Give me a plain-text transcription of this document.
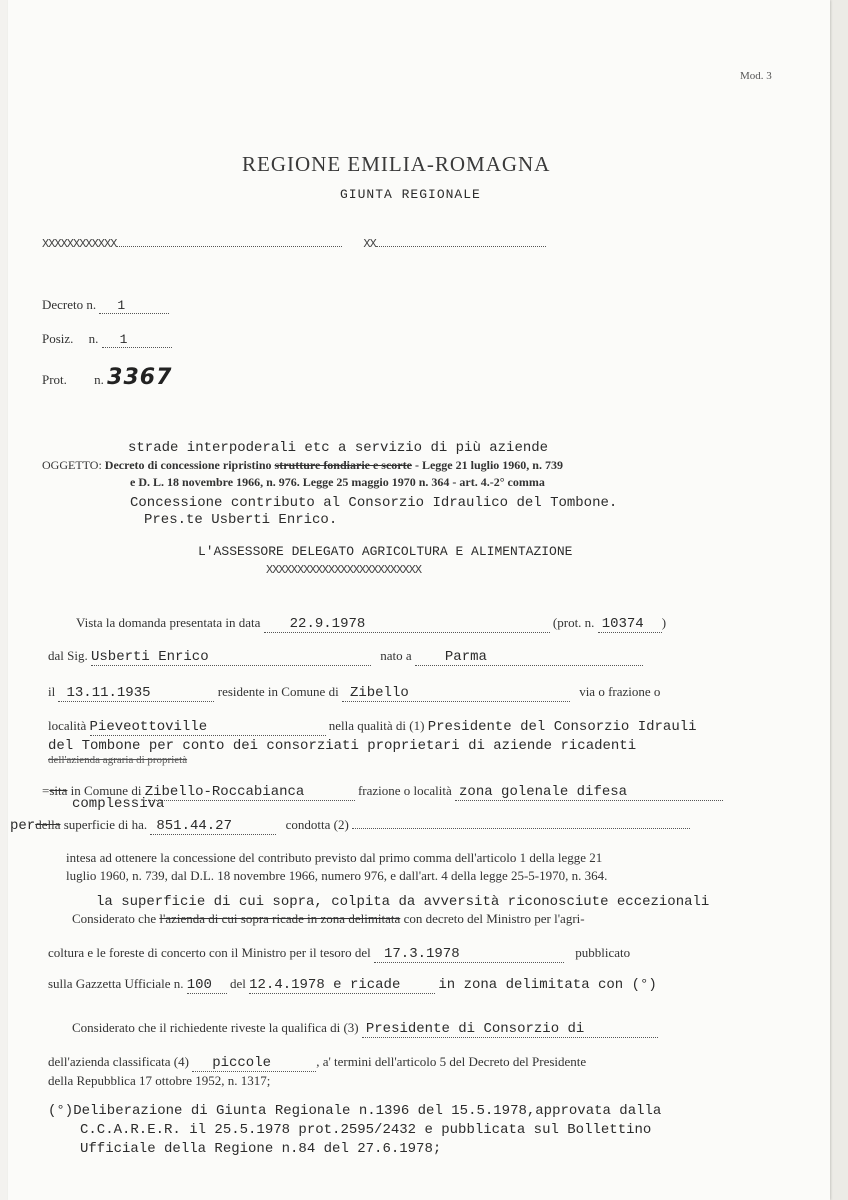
Mod. 3
REGIONE EMILIA-ROMAGNA
GIUNTA REGIONALE
XXXXXXXXXXXX	XX
Decreto n. 1
Posiz. n. 1
Prot. n. 3367
strade interpoderali etc a servizio di più aziende
OGGETTO: Decreto di concessione ripristino strutture fondiarie e scorte - Legge 21 luglio 1960, n. 739
e D. L. 18 novembre 1966, n. 976. Legge 25 maggio 1970 n. 364 - art. 4.-2° comma
Concessione contributo al Consorzio Idraulico del Tombone.
Pres.te Usberti Enrico.
L'ASSESSORE DELEGATO AGRICOLTURA E ALIMENTAZIONE
XXXXXXXXXXXXXXXXXXXXXXXXX
Vista la domanda presentata in data 22.9.1978	(prot. n. 10374 )
dal Sig. Usberti Enrico	nato a Parma
il 13.11.1935	residente in Comune di Zibello	via o frazione o
località Pieveottoville	nella qualità di (1) Presidente del Consorzio Idrauli
del Tombone per conto dei consorziati proprietari di aziende ricadenti
dell'azienda agraria di proprietà
=sita in Comune di Zibello-Roccabianca	frazione o località zona golenale difesa
complessiva
perdella superficie di ha. 851.44.27	condotta (2)
intesa ad ottenere la concessione del contributo previsto dal primo comma dell'articolo 1 della legge 21
luglio 1960, n. 739, dal D.L. 18 novembre 1966, numero 976, e dall'art. 4 della legge 25-5-1970, n. 364.
la superficie di cui sopra, colpita da avversità riconosciute eccezionali
Considerato che l'azienda di cui sopra ricade in zona delimitata con decreto del Ministro per l'agri-
coltura e le foreste di concerto con il Ministro per il tesoro del 17.3.1978	pubblicato
sulla Gazzetta Ufficiale n. 100 del 12.4.1978 e ricade	in zona delimitata con (°)
Considerato che il richiedente riveste la qualifica di (3) Presidente di Consorzio di
dell'azienda classificata (4) piccole	, a' termini dell'articolo 5 del Decreto del Presidente
della Repubblica 17 ottobre 1952, n. 1317;
(°)Deliberazione di Giunta Regionale n.1396 del 15.5.1978,approvata dalla
C.C.A.R.E.R. il 25.5.1978 prot.2595/2432 e pubblicata sul Bollettino
Ufficiale della Regione n.84 del 27.6.1978;
